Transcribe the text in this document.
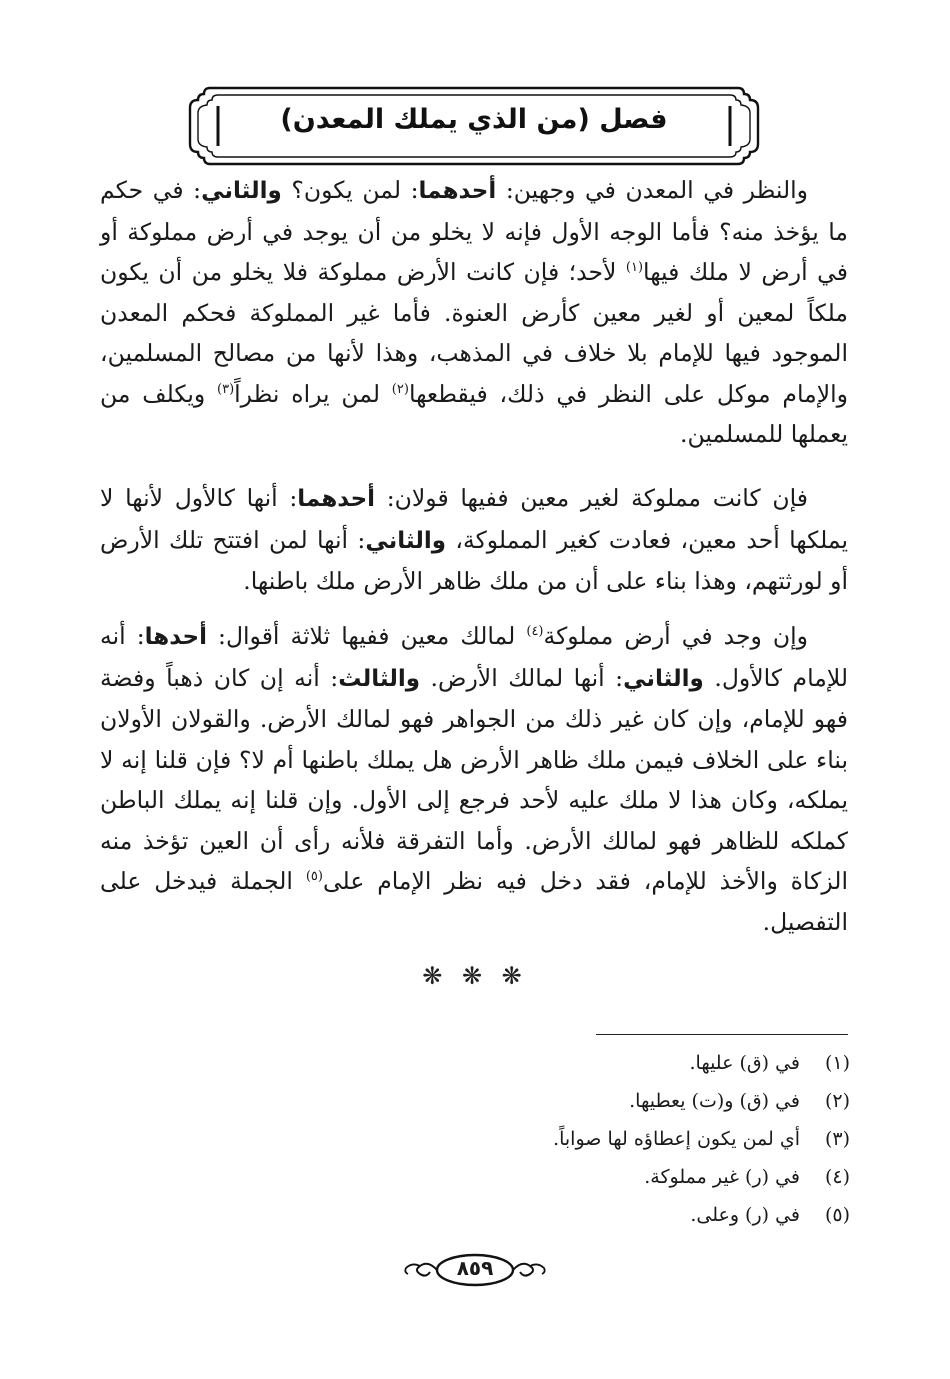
فصل (من الذي يملك المعدن)

والنظر في المعدن في وجهين: أحدهما: لمن يكون؟ والثاني: في حكم ما يؤخذ منه؟ فأما الوجه الأول فإنه لا يخلو من أن يوجد في أرض مملوكة أو في أرض لا ملك فيها$^{(١)}$ لأحد؛ فإن كانت الأرض مملوكة فلا يخلو من أن يكون ملكاً لمعين أو لغير معين كأرض العنوة. فأما غير المملوكة فحكم المعدن الموجود فيها للإمام بلا خلاف في المذهب، وهذا لأنها من مصالح المسلمين، والإمام موكل على النظر في ذلك، فيقطعها$^{(٢)}$ لمن يراه نظراً$^{(٣)}$ ويكلف من يعملها للمسلمين.

فإن كانت مملوكة لغير معين ففيها قولان: أحدهما: أنها كالأول لأنها لا يملكها أحد معين، فعادت كغير المملوكة، والثاني: أنها لمن افتتح تلك الأرض أو لورثتهم، وهذا بناء على أن من ملك ظاهر الأرض ملك باطنها.

وإن وجد في أرض مملوكة$^{(٤)}$ لمالك معين ففيها ثلاثة أقوال: أحدها: أنه للإمام كالأول. والثاني: أنها لمالك الأرض. والثالث: أنه إن كان ذهباً وفضة فهو للإمام، وإن كان غير ذلك من الجواهر فهو لمالك الأرض. والقولان الأولان بناء على الخلاف فيمن ملك ظاهر الأرض هل يملك باطنها أم لا؟ فإن قلنا إنه لا يملكه، وكان هذا لا ملك عليه لأحد فرجع إلى الأول. وإن قلنا إنه يملك الباطن كملكه للظاهر فهو لمالك الأرض. وأما التفرقة فلأنه رأى أن العين تؤخذ منه الزكاة والأخذ للإمام، فقد دخل فيه نظر الإمام على$^{(٥)}$ الجملة فيدخل على التفصيل.

❋ ❋ ❋
(١)في (ق) عليها.
(٢)في (ق) و(ت) يعطيها.
(٣)أي لمن يكون إعطاؤه لها صواباً.
(٤)في (ر) غير مملوكة.
(٥)في (ر) وعلى.
٨٥٩
